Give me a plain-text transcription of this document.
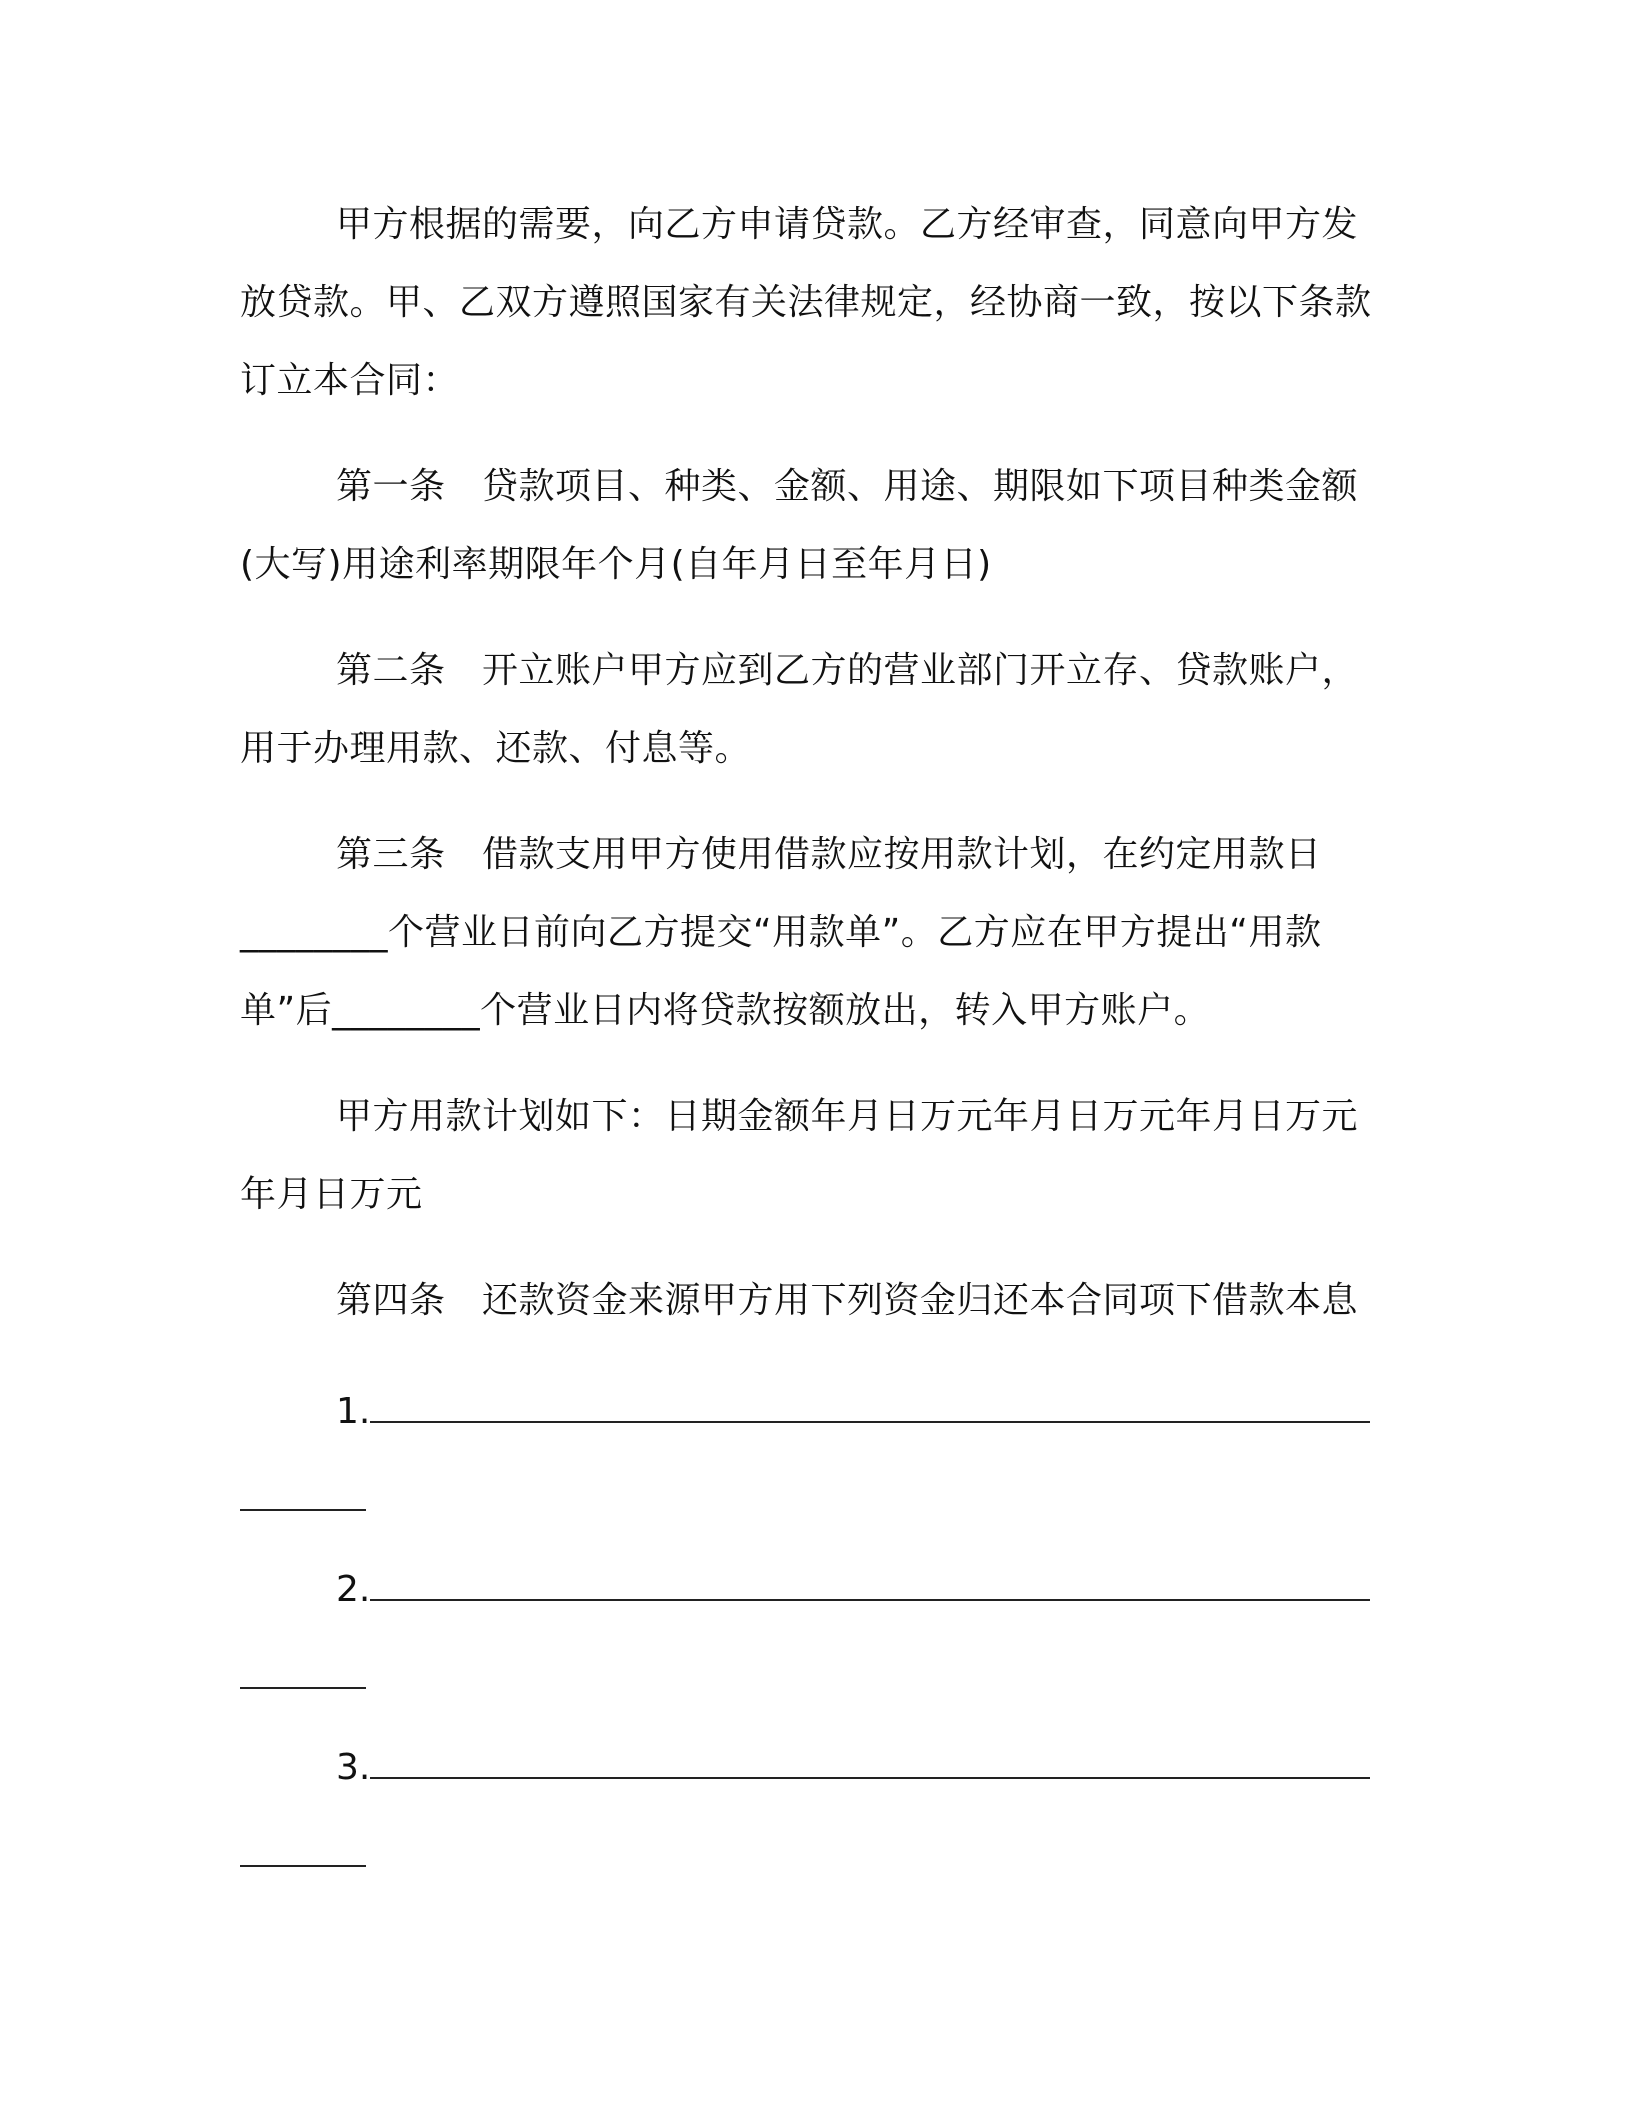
甲方根据的需要，向乙方申请贷款。乙方经审查，同意向甲方发放贷款。甲、乙双方遵照国家有关法律规定，经协商一致，按以下条款订立本合同：

第一条　贷款项目、种类、金额、用途、期限如下项目种类金额(大写)用途利率期限年个月(自年月日至年月日)

第二条　开立账户甲方应到乙方的营业部门开立存、贷款账户，用于办理用款、还款、付息等。

第三条　借款支用甲方使用借款应按用款计划，在约定用款日________个营业日前向乙方提交“用款单”。乙方应在甲方提出“用款单”后________个营业日内将贷款按额放出，转入甲方账户。

甲方用款计划如下：日期金额年月日万元年月日万元年月日万元年月日万元

第四条　还款资金来源甲方用下列资金归还本合同项下借款本息

1.
2.
3.
